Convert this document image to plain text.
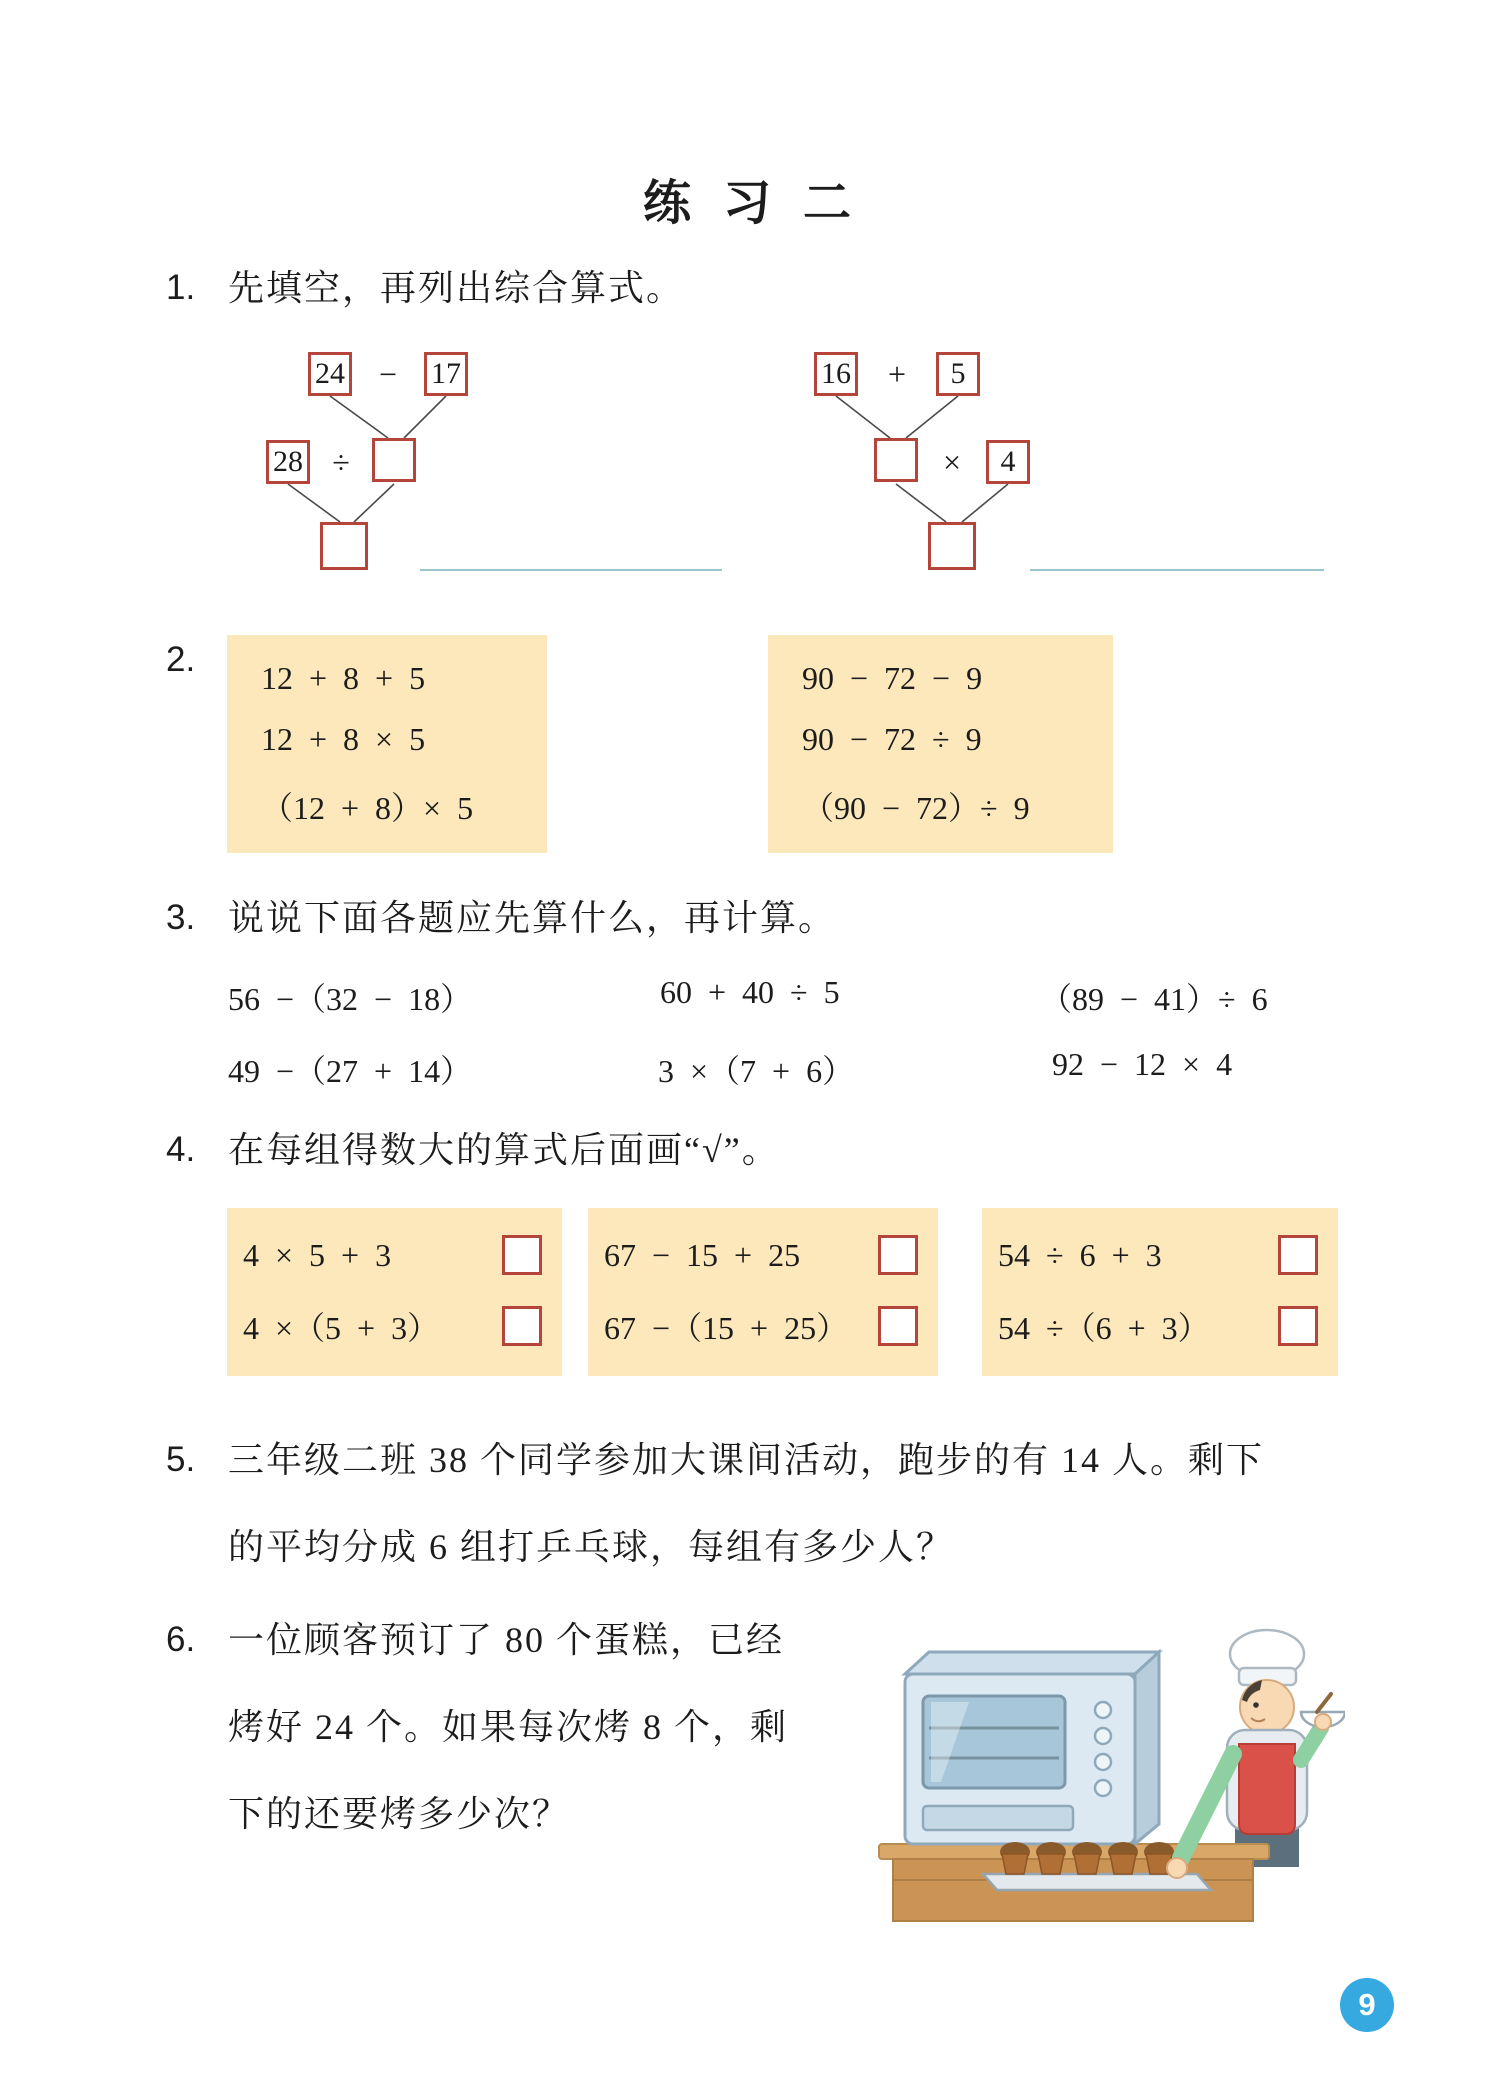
练 习 二
1. 先填空，再列出综合算式。
24	−	17
28 ÷
16	+	5
×	4
2. 12 + 8 + 5
12 + 8 × 5
（12 + 8）× 5
90 − 72 − 9
90 − 72 ÷ 9
（90 − 72）÷ 9
3. 说说下面各题应先算什么，再计算。
56 −（32 − 18）	60 + 40 ÷ 5	（89 − 41）÷ 6
49 −（27 + 14）	3 ×（7 + 6）	92 − 12 × 4
4. 在每组得数大的算式后面画“√”。
4 × 5 + 3
4 ×（5 + 3）
67 − 15 + 25
67 −（15 + 25）
54 ÷ 6 + 3
54 ÷（6 + 3）
5. 三年级二班 38 个同学参加大课间活动，跑步的有 14 人。剩下
的平均分成 6 组打乒乓球，每组有多少人？
6. 一位顾客预订了 80 个蛋糕，已经
烤好 24 个。如果每次烤 8 个，剩
下的还要烤多少次？
9
